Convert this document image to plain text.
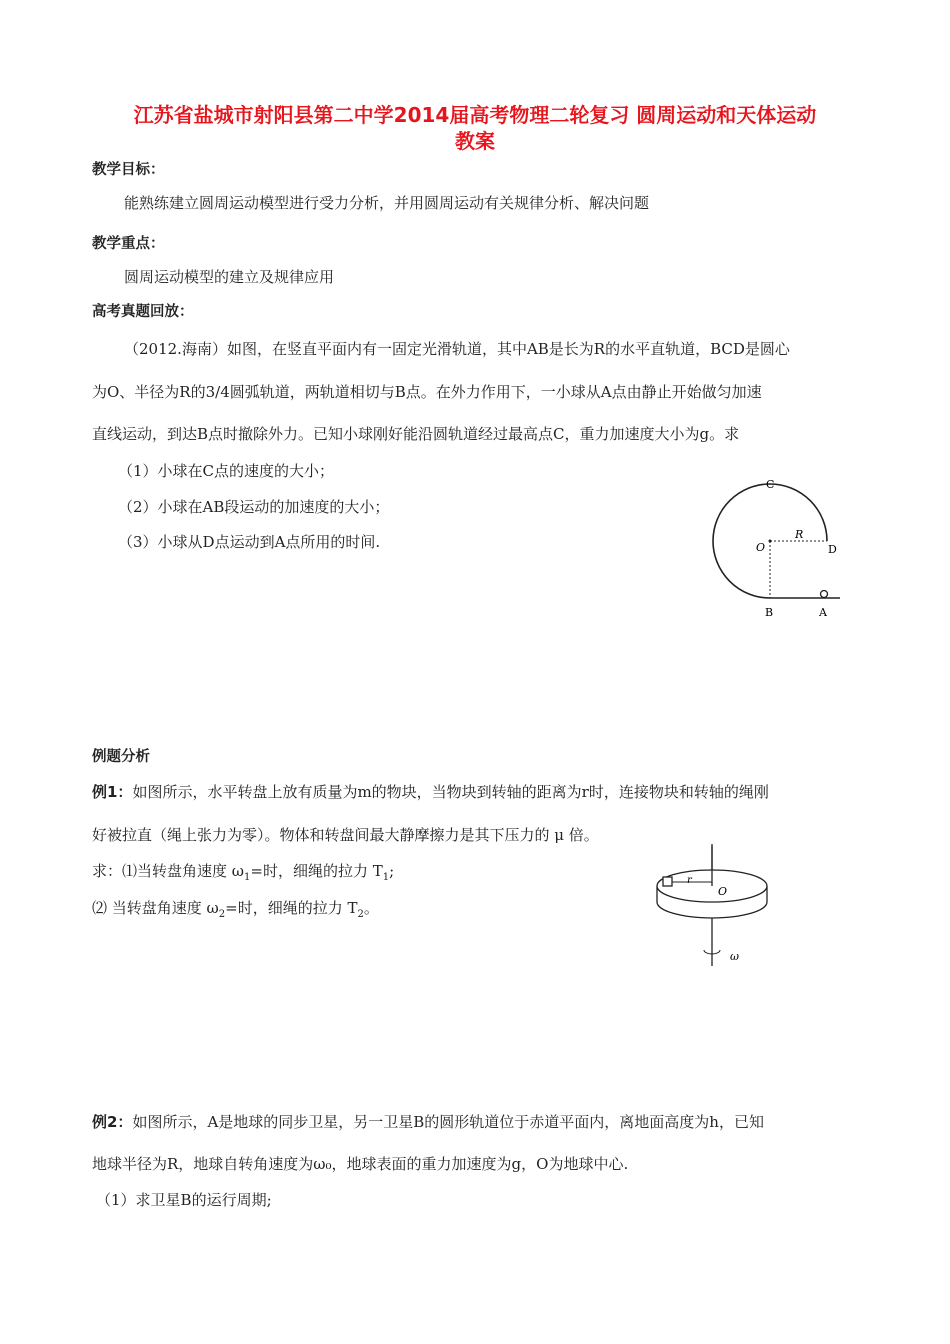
江苏省盐城市射阳县第二中学2014届高考物理二轮复习 圆周运动和天体运动
教案
教学目标：
能熟练建立圆周运动模型进行受力分析，并用圆周运动有关规律分析、解决问题
教学重点：
圆周运动模型的建立及规律应用
高考真题回放：
（2012.海南）如图，在竖直平面内有一固定光滑轨道，其中AB是长为R的水平直轨道，BCD是圆心
为O、半径为R的3/4圆弧轨道，两轨道相切与B点。在外力作用下，一小球从A点由静止开始做匀加速
直线运动，到达B点时撤除外力。已知小球刚好能沿圆轨道经过最高点C，重力加速度大小为g。求
（1）小球在C点的速度的大小；
（2）小球在AB段运动的加速度的大小；
（3）小球从D点运动到A点所用的时间.
C
O
R
D
B	A
例题分析
例1：如图所示，水平转盘上放有质量为m的物块，当物块到转轴的距离为r时，连接物块和转轴的绳刚
好被拉直（绳上张力为零）。物体和转盘间最大静摩擦力是其下压力的 μ 倍。
求：⑴当转盘角速度 $\omega_1=$时，细绳的拉力 $T_1$;
⑵ 当转盘角速度 $\omega_2=$时，细绳的拉力 $T_2$。
r
O
ω
例2：如图所示，A是地球的同步卫星，另一卫星B的圆形轨道位于赤道平面内，离地面高度为h，已知
地球半径为R，地球自转角速度为ω₀，地球表面的重力加速度为g，O为地球中心.
（1）求卫星B的运行周期;
